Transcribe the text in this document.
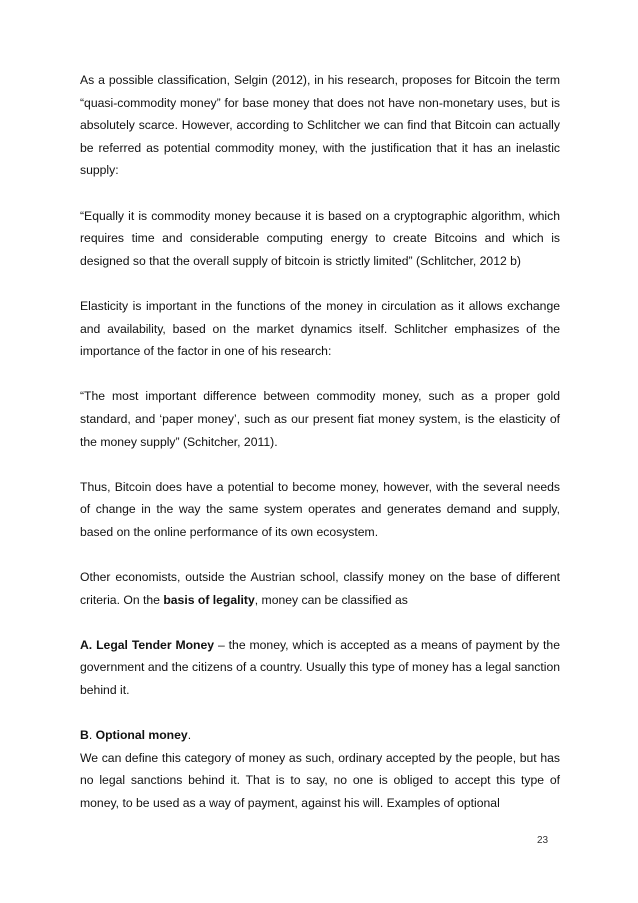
As a possible classification, Selgin (2012), in his research, proposes for Bitcoin the term “quasi-commodity money” for base money that does not have non-monetary uses, but is absolutely scarce. However, according to Schlitcher we can find that Bitcoin can actually be referred as potential commodity money, with the justification that it has an inelastic supply:

“Equally it is commodity money because it is based on a cryptographic algorithm, which requires time and considerable computing energy to create Bitcoins and which is designed so that the overall supply of bitcoin is strictly limited” (Schlitcher, 2012 b)

Elasticity is important in the functions of the money in circulation as it allows exchange and availability, based on the market dynamics itself. Schlitcher emphasizes of the importance of the factor in one of his research:

“The most important difference between commodity money, such as a proper gold standard, and ‘paper money’, such as our present fiat money system, is the elasticity of the money supply” (Schitcher, 2011).

Thus, Bitcoin does have a potential to become money, however, with the several needs of change in the way the same system operates and generates demand and supply, based on the online performance of its own ecosystem.

Other economists, outside the Austrian school, classify money on the base of different criteria. On the basis of legality, money can be classified as

A. Legal Tender Money – the money, which is accepted as a means of payment by the government and the citizens of a country. Usually this type of money has a legal sanction behind it.

B. Optional money.

We can define this category of money as such, ordinary accepted by the people, but has no legal sanctions behind it. That is to say, no one is obliged to accept this type of money, to be used as a way of payment, against his will. Examples of optional

23
